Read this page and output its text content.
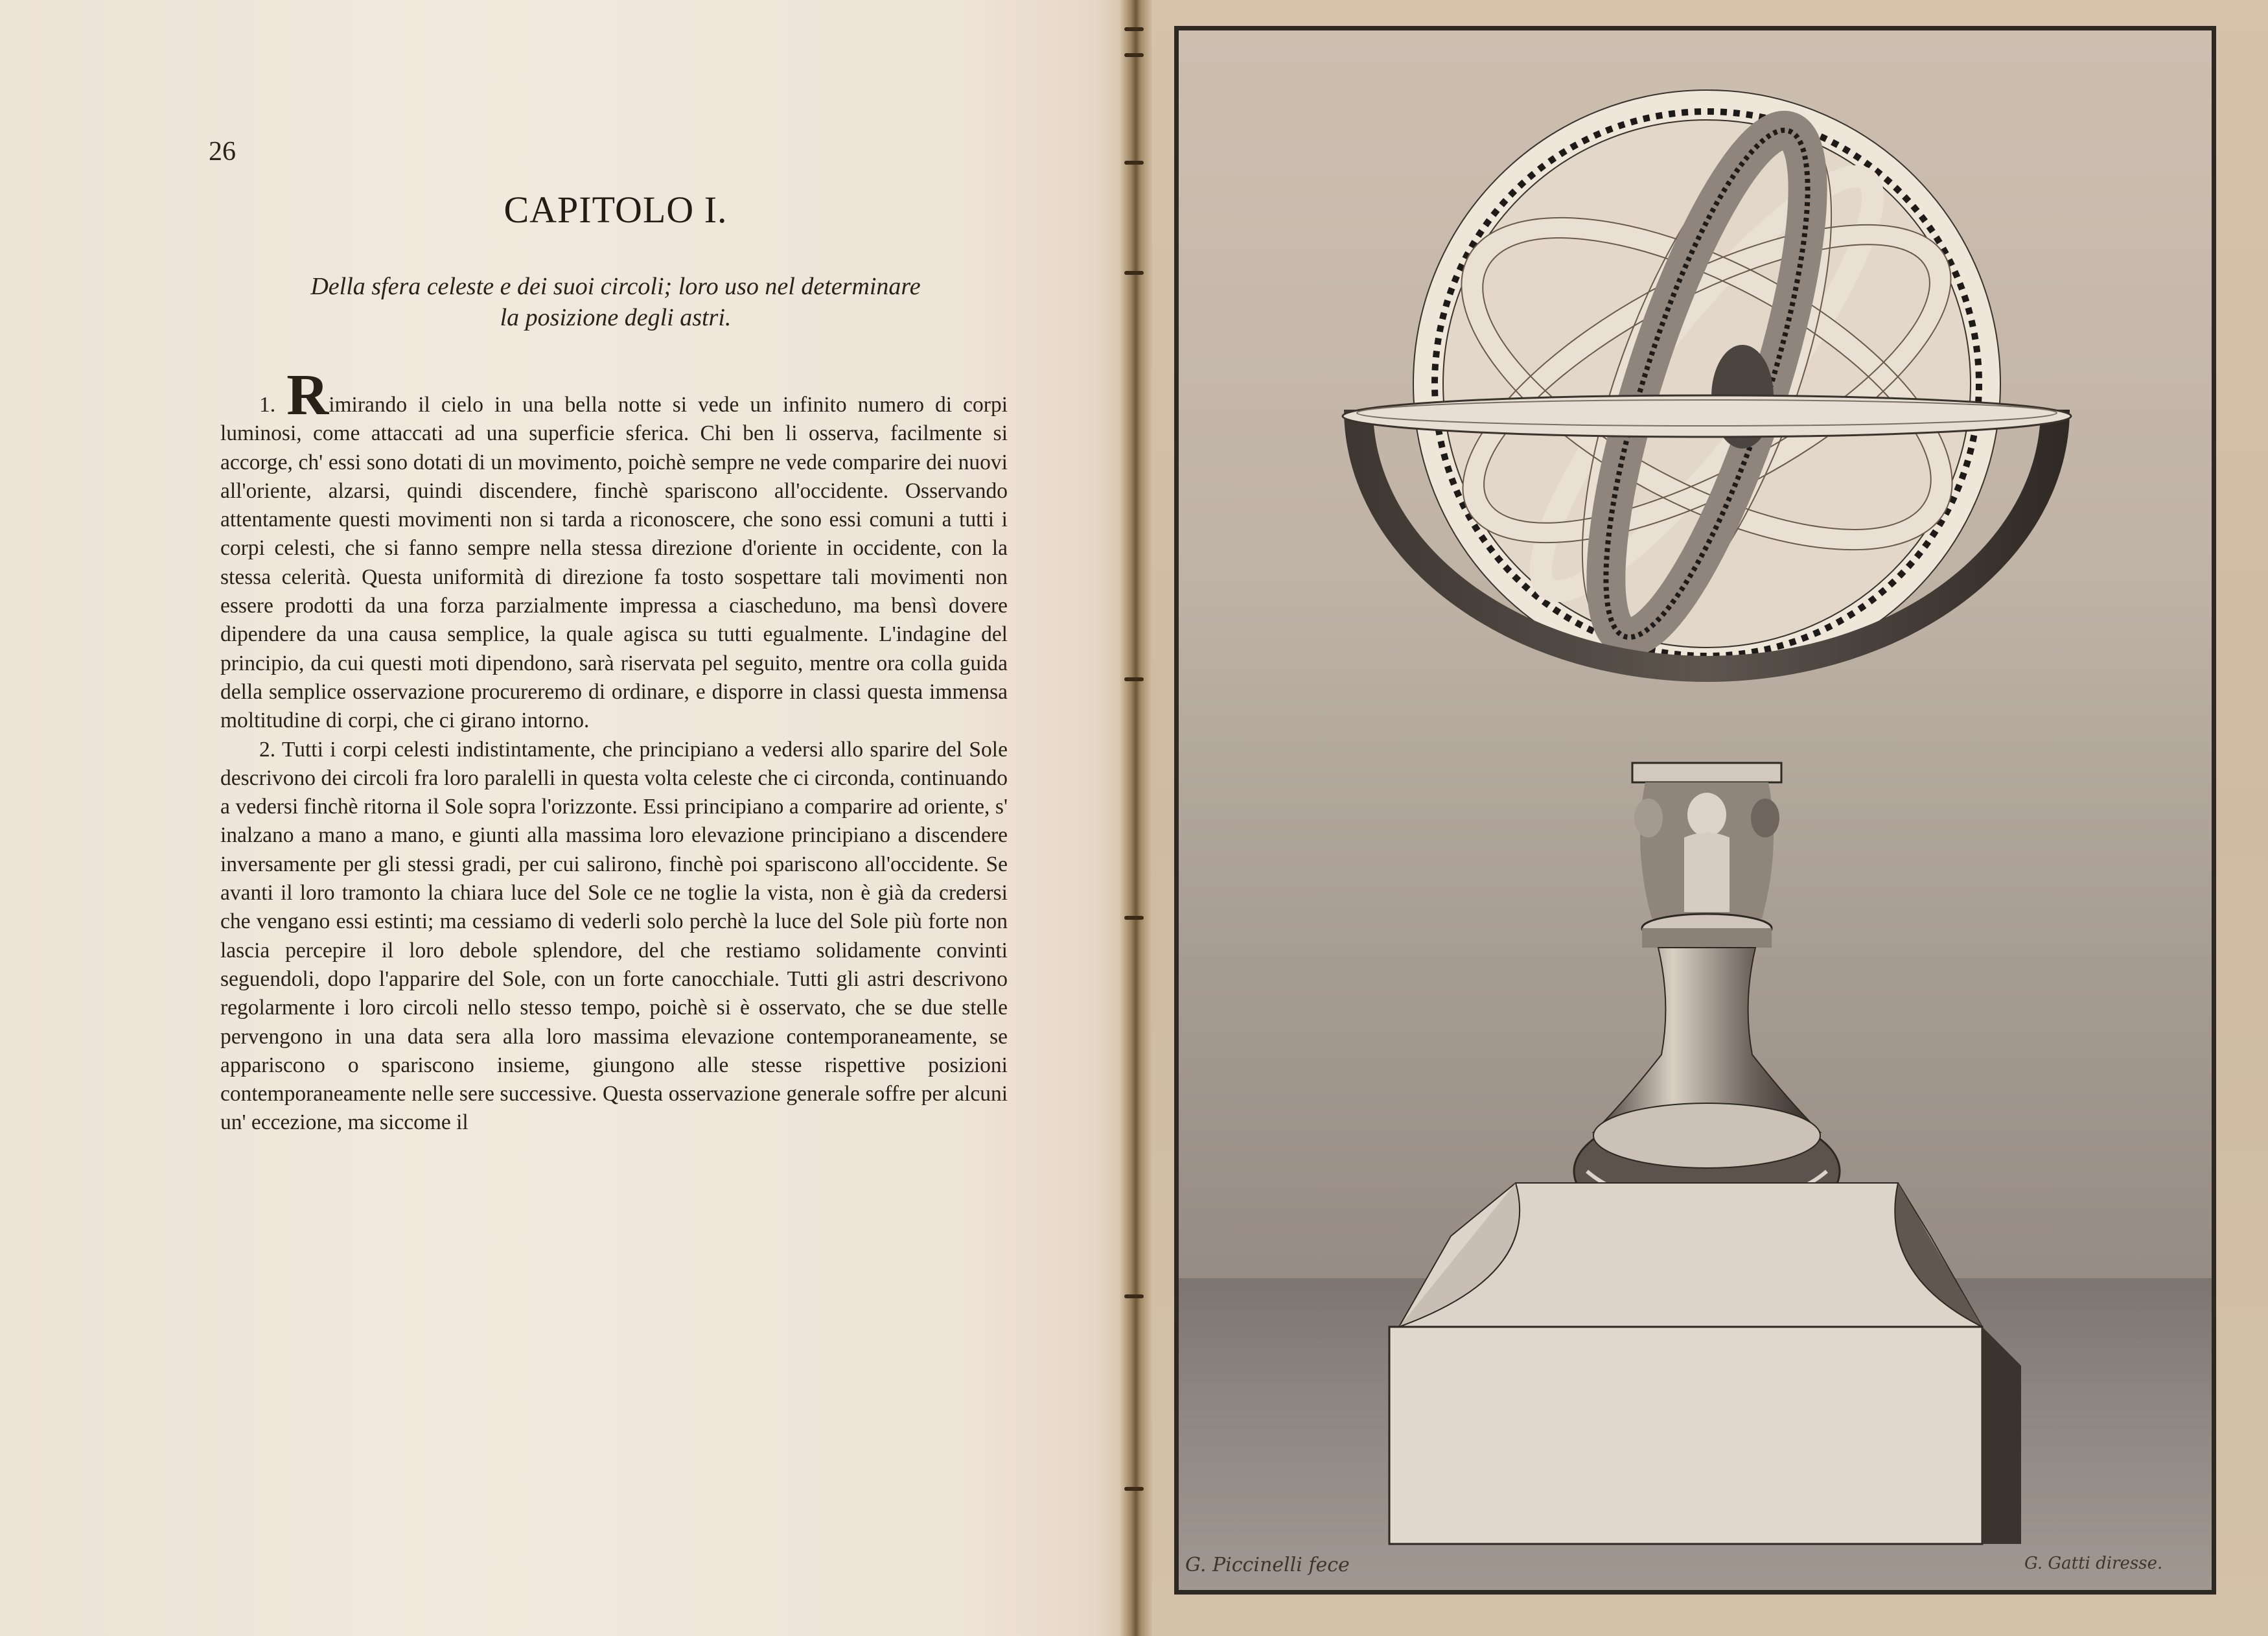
26
CAPITOLO I.
Della sfera celeste e dei suoi circoli; loro uso nel determinare
la posizione degli astri.

1. Rimirando il cielo in una bella notte si vede un infinito numero di corpi luminosi, come attaccati ad una superficie sferica. Chi ben li osserva, facilmente si accorge, ch' essi sono dotati di un movimento, poichè sempre ne vede comparire dei nuovi all'oriente, alzarsi, quindi discendere, finchè spariscono all'occidente. Osservando attentamente questi movimenti non si tarda a riconoscere, che sono essi comuni a tutti i corpi celesti, che si fanno sempre nella stessa direzione d'oriente in occidente, con la stessa celerità. Questa uniformità di direzione fa tosto sospettare tali movimenti non essere prodotti da una forza parzialmente impressa a ciascheduno, ma bensì dovere dipendere da una causa semplice, la quale agisca su tutti egualmente. L'indagine del principio, da cui questi moti dipendono, sarà riservata pel seguito, mentre ora colla guida della semplice osservazione procureremo di ordinare, e disporre in classi questa immensa moltitudine di corpi, che ci girano intorno.

2. Tutti i corpi celesti indistintamente, che principiano a vedersi allo sparire del Sole descrivono dei circoli fra loro paralelli in questa volta celeste che ci circonda, continuando a vedersi finchè ritorna il Sole sopra l'orizzonte. Essi principiano a comparire ad oriente, s' inalzano a mano a mano, e giunti alla massima loro elevazione principiano a discendere inversamente per gli stessi gradi, per cui salirono, finchè poi spariscono all'occidente. Se avanti il loro tramonto la chiara luce del Sole ce ne toglie la vista, non è già da credersi che vengano essi estinti; ma cessiamo di vederli solo perchè la luce del Sole più forte non lascia percepire il loro debole splendore, del che restiamo solidamente convinti seguendoli, dopo l'apparire del Sole, con un forte canocchiale. Tutti gli astri descrivono regolarmente i loro circoli nello stesso tempo, poichè si è osservato, che se due stelle pervengono in una data sera alla loro massima elevazione contemporaneamente, se appariscono o spariscono insieme, giungono alle stesse rispettive posizioni contemporaneamente nelle sere successive. Questa osservazione generale soffre per alcuni un' eccezione, ma siccome il

G. Piccinelli fece	G. Gatti diresse.
